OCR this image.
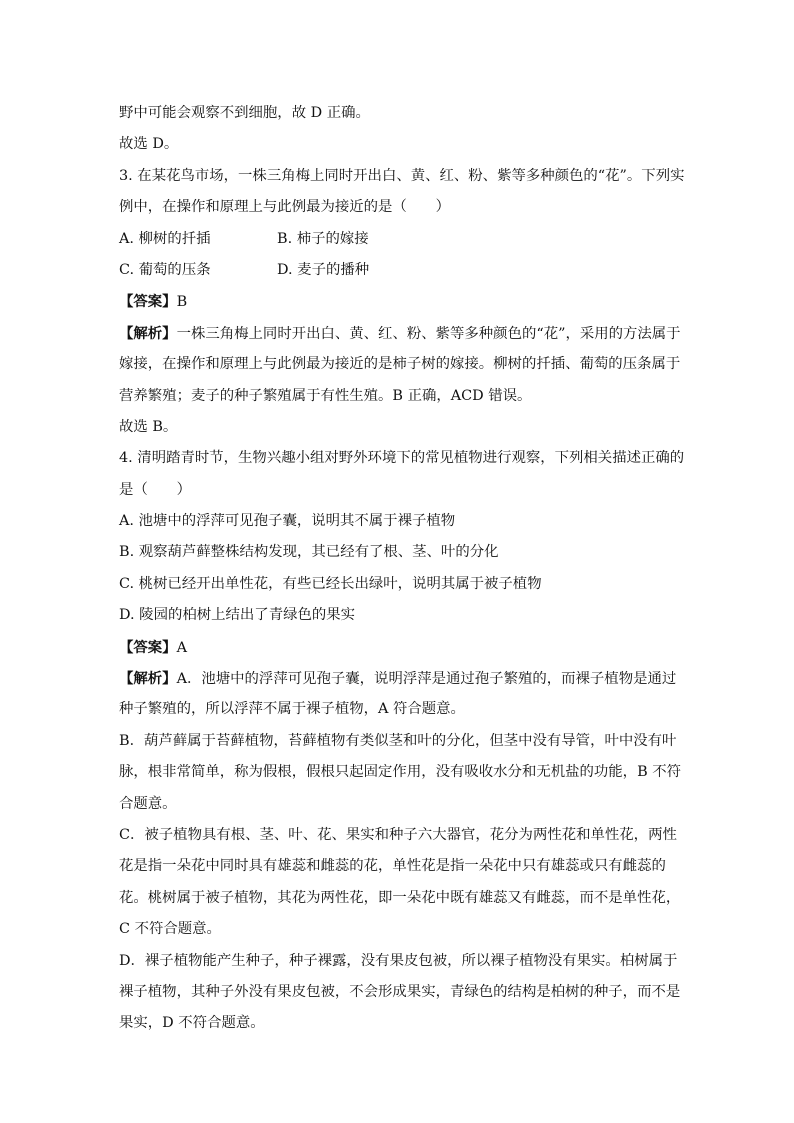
野中可能会观察不到细胞，故 D 正确。
故选 D。
3. 在某花鸟市场，一株三角梅上同时开出白、黄、红、粉、紫等多种颜色的“花”。下列实
例中，在操作和原理上与此例最为接近的是（　　）
A. 柳树的扦插	B. 柿子的嫁接
C. 葡萄的压条	D. 麦子的播种
【答案】B
【解析】一株三角梅上同时开出白、黄、红、粉、紫等多种颜色的“花”，采用的方法属于
嫁接，在操作和原理上与此例最为接近的是柿子树的嫁接。柳树的扦插、葡萄的压条属于
营养繁殖；麦子的种子繁殖属于有性生殖。B 正确，ACD 错误。
故选 B。
4. 清明踏青时节，生物兴趣小组对野外环境下的常见植物进行观察，下列相关描述正确的
是（　　）
A. 池塘中的浮萍可见孢子囊，说明其不属于裸子植物
B. 观察葫芦藓整株结构发现，其已经有了根、茎、叶的分化
C. 桃树已经开出单性花，有些已经长出绿叶，说明其属于被子植物
D. 陵园的柏树上结出了青绿色的果实
【答案】A
【解析】A．池塘中的浮萍可见孢子囊，说明浮萍是通过孢子繁殖的，而裸子植物是通过
种子繁殖的，所以浮萍不属于裸子植物，A 符合题意。
B．葫芦藓属于苔藓植物，苔藓植物有类似茎和叶的分化，但茎中没有导管，叶中没有叶
脉，根非常简单，称为假根，假根只起固定作用，没有吸收水分和无机盐的功能，B 不符
合题意。
C．被子植物具有根、茎、叶、花、果实和种子六大器官，花分为两性花和单性花，两性
花是指一朵花中同时具有雄蕊和雌蕊的花，单性花是指一朵花中只有雄蕊或只有雌蕊的
花。桃树属于被子植物，其花为两性花，即一朵花中既有雄蕊又有雌蕊，而不是单性花，
C 不符合题意。
D．裸子植物能产生种子，种子裸露，没有果皮包被，所以裸子植物没有果实。柏树属于
裸子植物，其种子外没有果皮包被，不会形成果实，青绿色的结构是柏树的种子，而不是
果实，D 不符合题意。
